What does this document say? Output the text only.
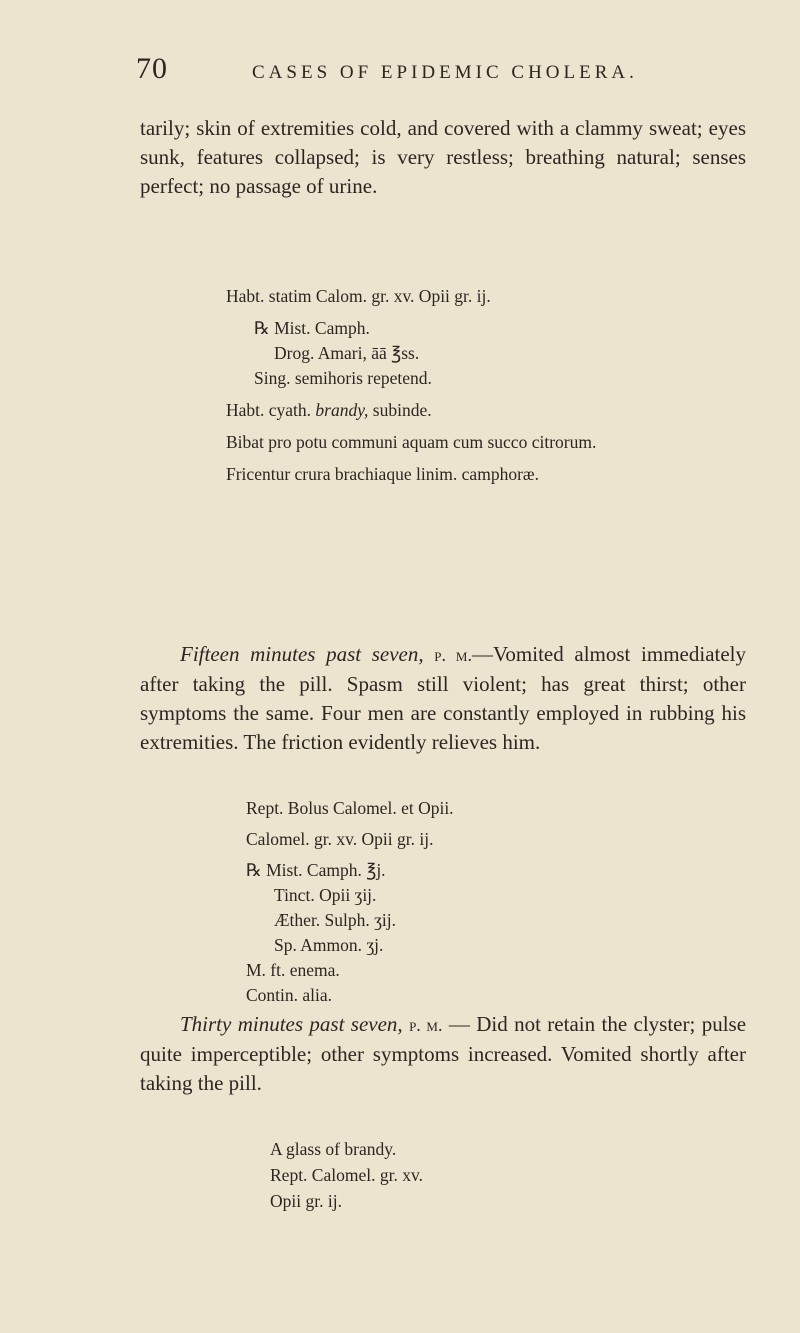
70	CASES OF EPIDEMIC CHOLERA.

tarily; skin of extremities cold, and covered with a clammy sweat; eyes sunk, features collapsed; is very restless; breathing natural; senses perfect; no passage of urine.

Habt. statim Calom. gr. xv. Opii gr. ij.
℞ Mist. Camph.
Drog. Amari, āā ℥ss.
Sing. semihoris repetend.
Habt. cyath. brandy, subinde.
Bibat pro potu communi aquam cum succo citrorum.
Fricentur crura brachiaque linim. camphoræ.

Fifteen minutes past seven, p. m.—Vomited almost immediately after taking the pill. Spasm still violent; has great thirst; other symptoms the same. Four men are constantly employed in rubbing his extremities. The friction evidently relieves him.

Rept. Bolus Calomel. et Opii.
Calomel. gr. xv. Opii gr. ij.
℞ Mist. Camph. ℥j.
Tinct. Opii ʒij.
Æther. Sulph. ʒij.
Sp. Ammon. ʒj.
M. ft. enema.
Contin. alia.

Thirty minutes past seven, p. m. — Did not retain the clyster; pulse quite imperceptible; other symptoms increased. Vomited shortly after taking the pill.

A glass of brandy.
Rept. Calomel. gr. xv.
Opii gr. ij.
